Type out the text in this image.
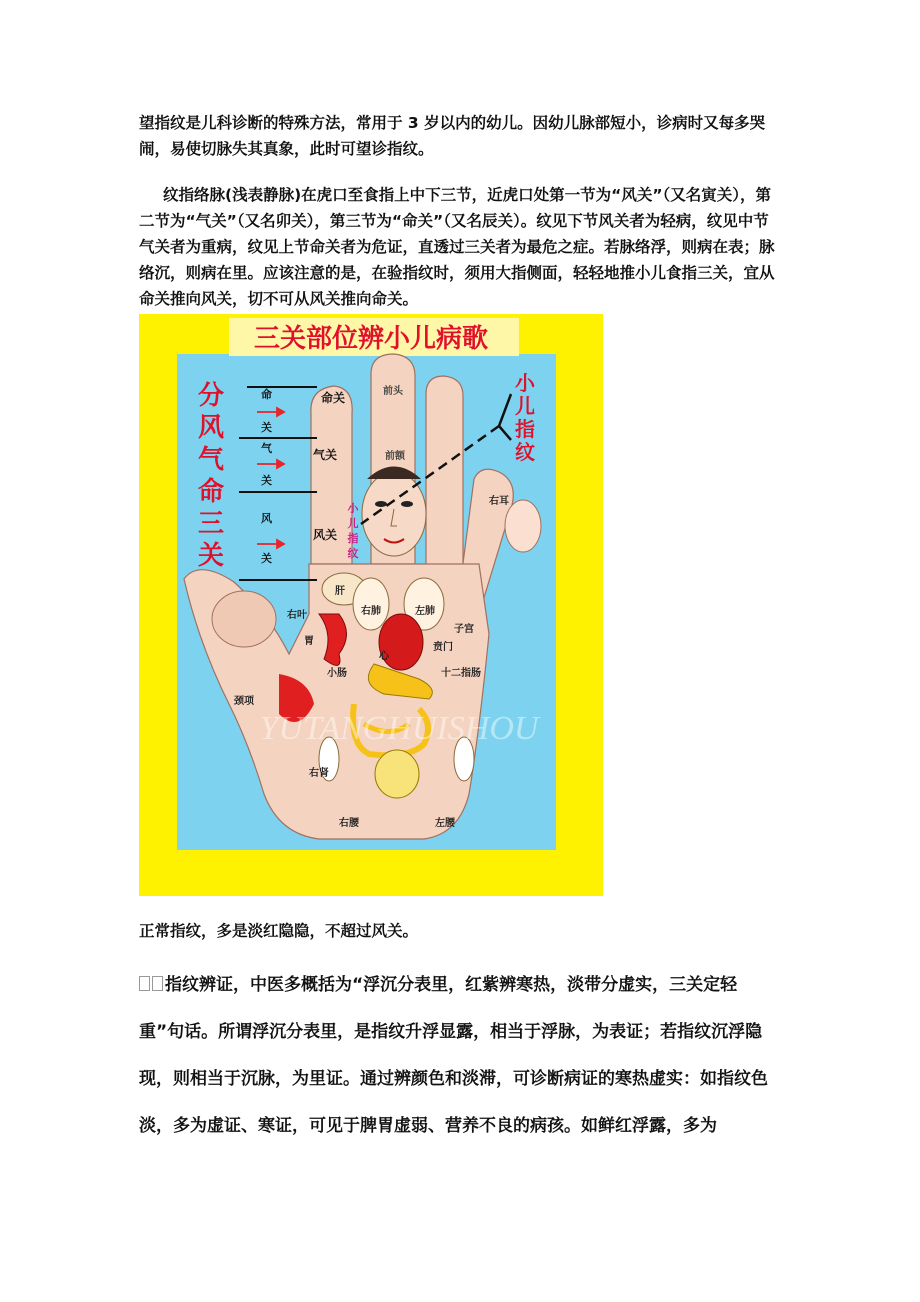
望指纹是儿科诊断的特殊方法，常用于 3 岁以内的幼儿。因幼儿脉部短小，诊病时又每多哭闹，易使切脉失其真象，此时可望诊指纹。
纹指络脉(浅表静脉)在虎口至食指上中下三节，近虎口处第一节为“风关”（又名寅关），第二节为“气关”（又名卯关），第三节为“命关”（又名辰关）。纹见下节风关者为轻病，纹见中节气关者为重病，纹见上节命关者为危证，直透过三关者为最危之症。若脉络浮，则病在表；脉络沉，则病在里。应该注意的是，在验指纹时，须用大指侧面，轻轻地推小儿食指三关，宜从命关推向风关，切不可从风关推向命关。
三关部位辨小儿病歌
命
关
气
关
风
关
分
风
气
命
三
关
小
儿
指
纹
命关
气关
风关
前头
前额
小
儿
指
纹
右耳
肝
右肺	左肺
胃
心
小肠
贲门
十二指肠
子宫
颈项
右肾
右腰	左腰
右叶
YUTANGHUISHOU
正常指纹，多是淡红隐隐，不超过风关。
指纹辨证，中医多概括为“浮沉分表里，红紫辨寒热，淡带分虚实，三关定轻重”句话。所谓浮沉分表里，是指纹升浮显露，相当于浮脉，为表证；若指纹沉浮隐现，则相当于沉脉，为里证。通过辨颜色和淡滞，可诊断病证的寒热虚实：如指纹色淡，多为虚证、寒证，可见于脾胃虚弱、营养不良的病孩。如鲜红浮露，多为
